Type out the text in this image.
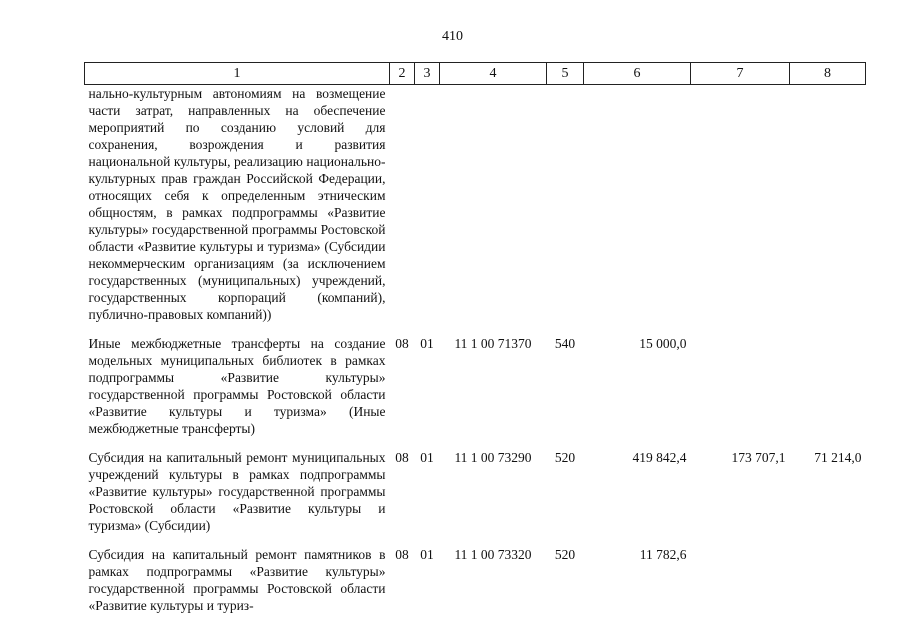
410
1	2	3	4	5	6	7	8
нально-культурным автономиям на возмещение части затрат, направленных на обеспечение мероприятий по созданию условий для сохранения, возрождения и развития национальной культуры, реализацию национально-культурных прав граждан Российской Федерации, относящих себя к определенным этническим общностям, в рамках подпрограммы «Развитие культуры» государственной программы Ростовской области «Развитие культуры и туризма» (Субсидии некоммерческим организациям (за исключением государственных (муниципальных) учреждений, государственных корпораций (компаний), публично-правовых компаний))							

Иные межбюджетные трансферты на создание модельных муниципальных библиотек в рамках подпрограммы «Развитие культуры» государственной программы Ростовской области «Развитие культуры и туризма» (Иные межбюджетные трансферты)	08	01	11 1 00 71370	540	15 000,0		

Субсидия на капитальный ремонт муниципальных учреждений культуры в рамках подпрограммы «Развитие культуры» государственной программы Ростовской области «Развитие культуры и туризма» (Субсидии)	08	01	11 1 00 73290	520	419 842,4	173 707,1	71 214,0

Субсидия на капитальный ремонт памятников в рамках подпрограммы «Развитие культуры» государственной программы Ростовской области «Развитие культуры и туриз-	08	01	11 1 00 73320	520	11 782,6		
